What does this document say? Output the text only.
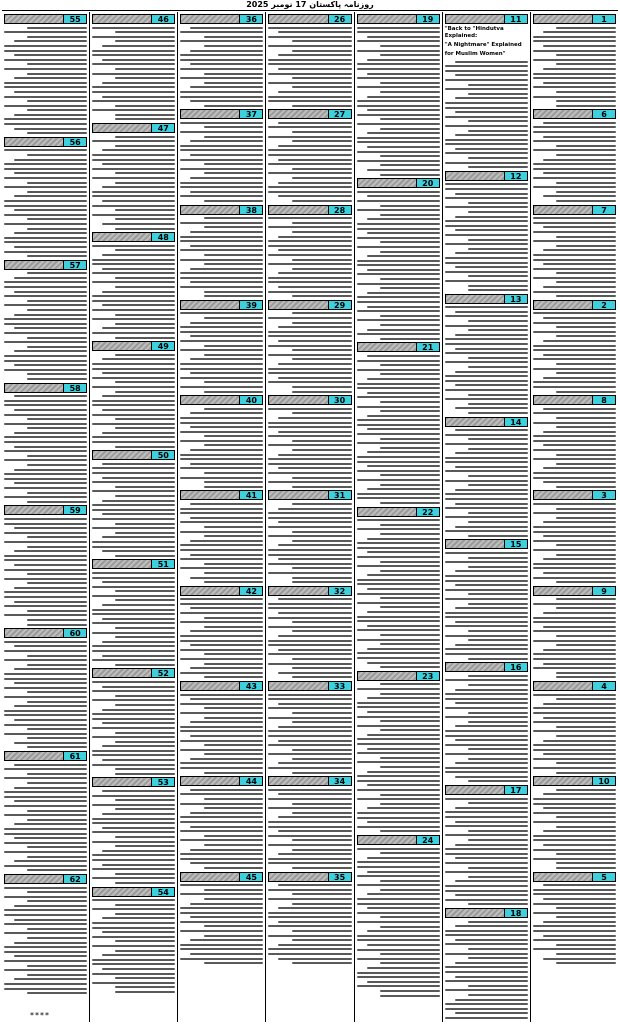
روزنامہ پاکستان 17 نومبر 2025
1
6
7
2
8
3
9
4
10
5
11
"Back to "Hindutva Explained:
"A Nightmare" Explained
for Muslim Women"
12
13
14
15
16
17
18
19
20
21
22
23
24
26
27
28
29
30
31
32
33
34
35
36
37
38
39
40
41
42
43
44
45
46
47
48
49
50
51
52
53
54
55
56
57
58
59
60
61
62
****
